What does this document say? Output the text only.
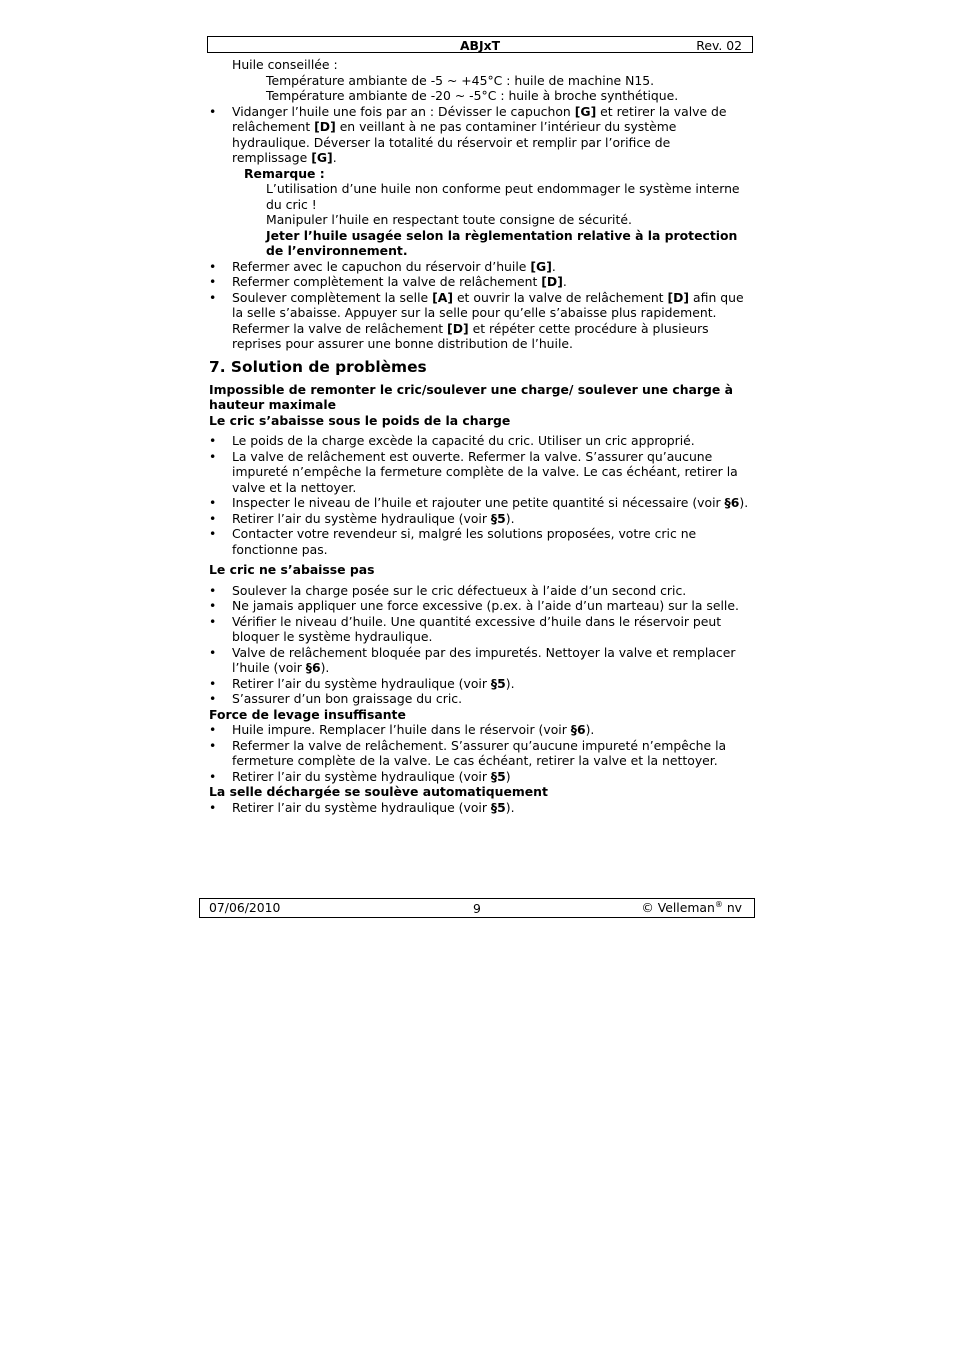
ABJxT	Rev. 02

Huile conseillée :

Température ambiante de -5 ~ +45°C : huile de machine N15.

Température ambiante de -20 ~ -5°C : huile à broche synthétique.

• Vidanger l’huile une fois par an : Dévisser le capuchon [G] et retirer la valve de relâchement [D] en veillant à ne pas contaminer l’intérieur du système hydraulique. Déverser la totalité du réservoir et remplir par l’orifice de remplissage [G].

Remarque :

L’utilisation d’une huile non conforme peut endommager le système interne du cric !

Manipuler l’huile en respectant toute consigne de sécurité.

Jeter l’huile usagée selon la règlementation relative à la protection de l’environnement.

• Refermer avec le capuchon du réservoir d’huile [G].
• Refermer complètement la valve de relâchement [D].
• Soulever complètement la selle [A] et ouvrir la valve de relâchement [D] afin que la selle s’abaisse. Appuyer sur la selle pour qu’elle s’abaisse plus rapidement. Refermer la valve de relâchement [D] et répéter cette procédure à plusieurs reprises pour assurer une bonne distribution de l’huile.
7. Solution de problèmes

Impossible de remonter le cric/soulever une charge/ soulever une charge à hauteur maximale

Le cric s’abaisse sous le poids de la charge

• Le poids de la charge excède la capacité du cric. Utiliser un cric approprié.
• La valve de relâchement est ouverte. Refermer la valve. S’assurer qu’aucune impureté n’empêche la fermeture complète de la valve. Le cas échéant, retirer la valve et la nettoyer.
• Inspecter le niveau de l’huile et rajouter une petite quantité si nécessaire (voir §6).
• Retirer l’air du système hydraulique (voir §5).
• Contacter votre revendeur si, malgré les solutions proposées, votre cric ne fonctionne pas.

Le cric ne s’abaisse pas

• Soulever la charge posée sur le cric défectueux à l’aide d’un second cric.
• Ne jamais appliquer une force excessive (p.ex. à l’aide d’un marteau) sur la selle.
• Vérifier le niveau d’huile. Une quantité excessive d’huile dans le réservoir peut bloquer le système hydraulique.
• Valve de relâchement bloquée par des impuretés. Nettoyer la valve et remplacer l’huile (voir §6).
• Retirer l’air du système hydraulique (voir §5).
• S’assurer d’un bon graissage du cric.

Force de levage insuffisante

• Huile impure. Remplacer l’huile dans le réservoir (voir §6).
• Refermer la valve de relâchement. S’assurer qu’aucune impureté n’empêche la fermeture complète de la valve. Le cas échéant, retirer la valve et la nettoyer.
• Retirer l’air du système hydraulique (voir §5)

La selle déchargée se soulève automatiquement

• Retirer l’air du système hydraulique (voir §5).
07/06/2010	9	© Velleman® nv
